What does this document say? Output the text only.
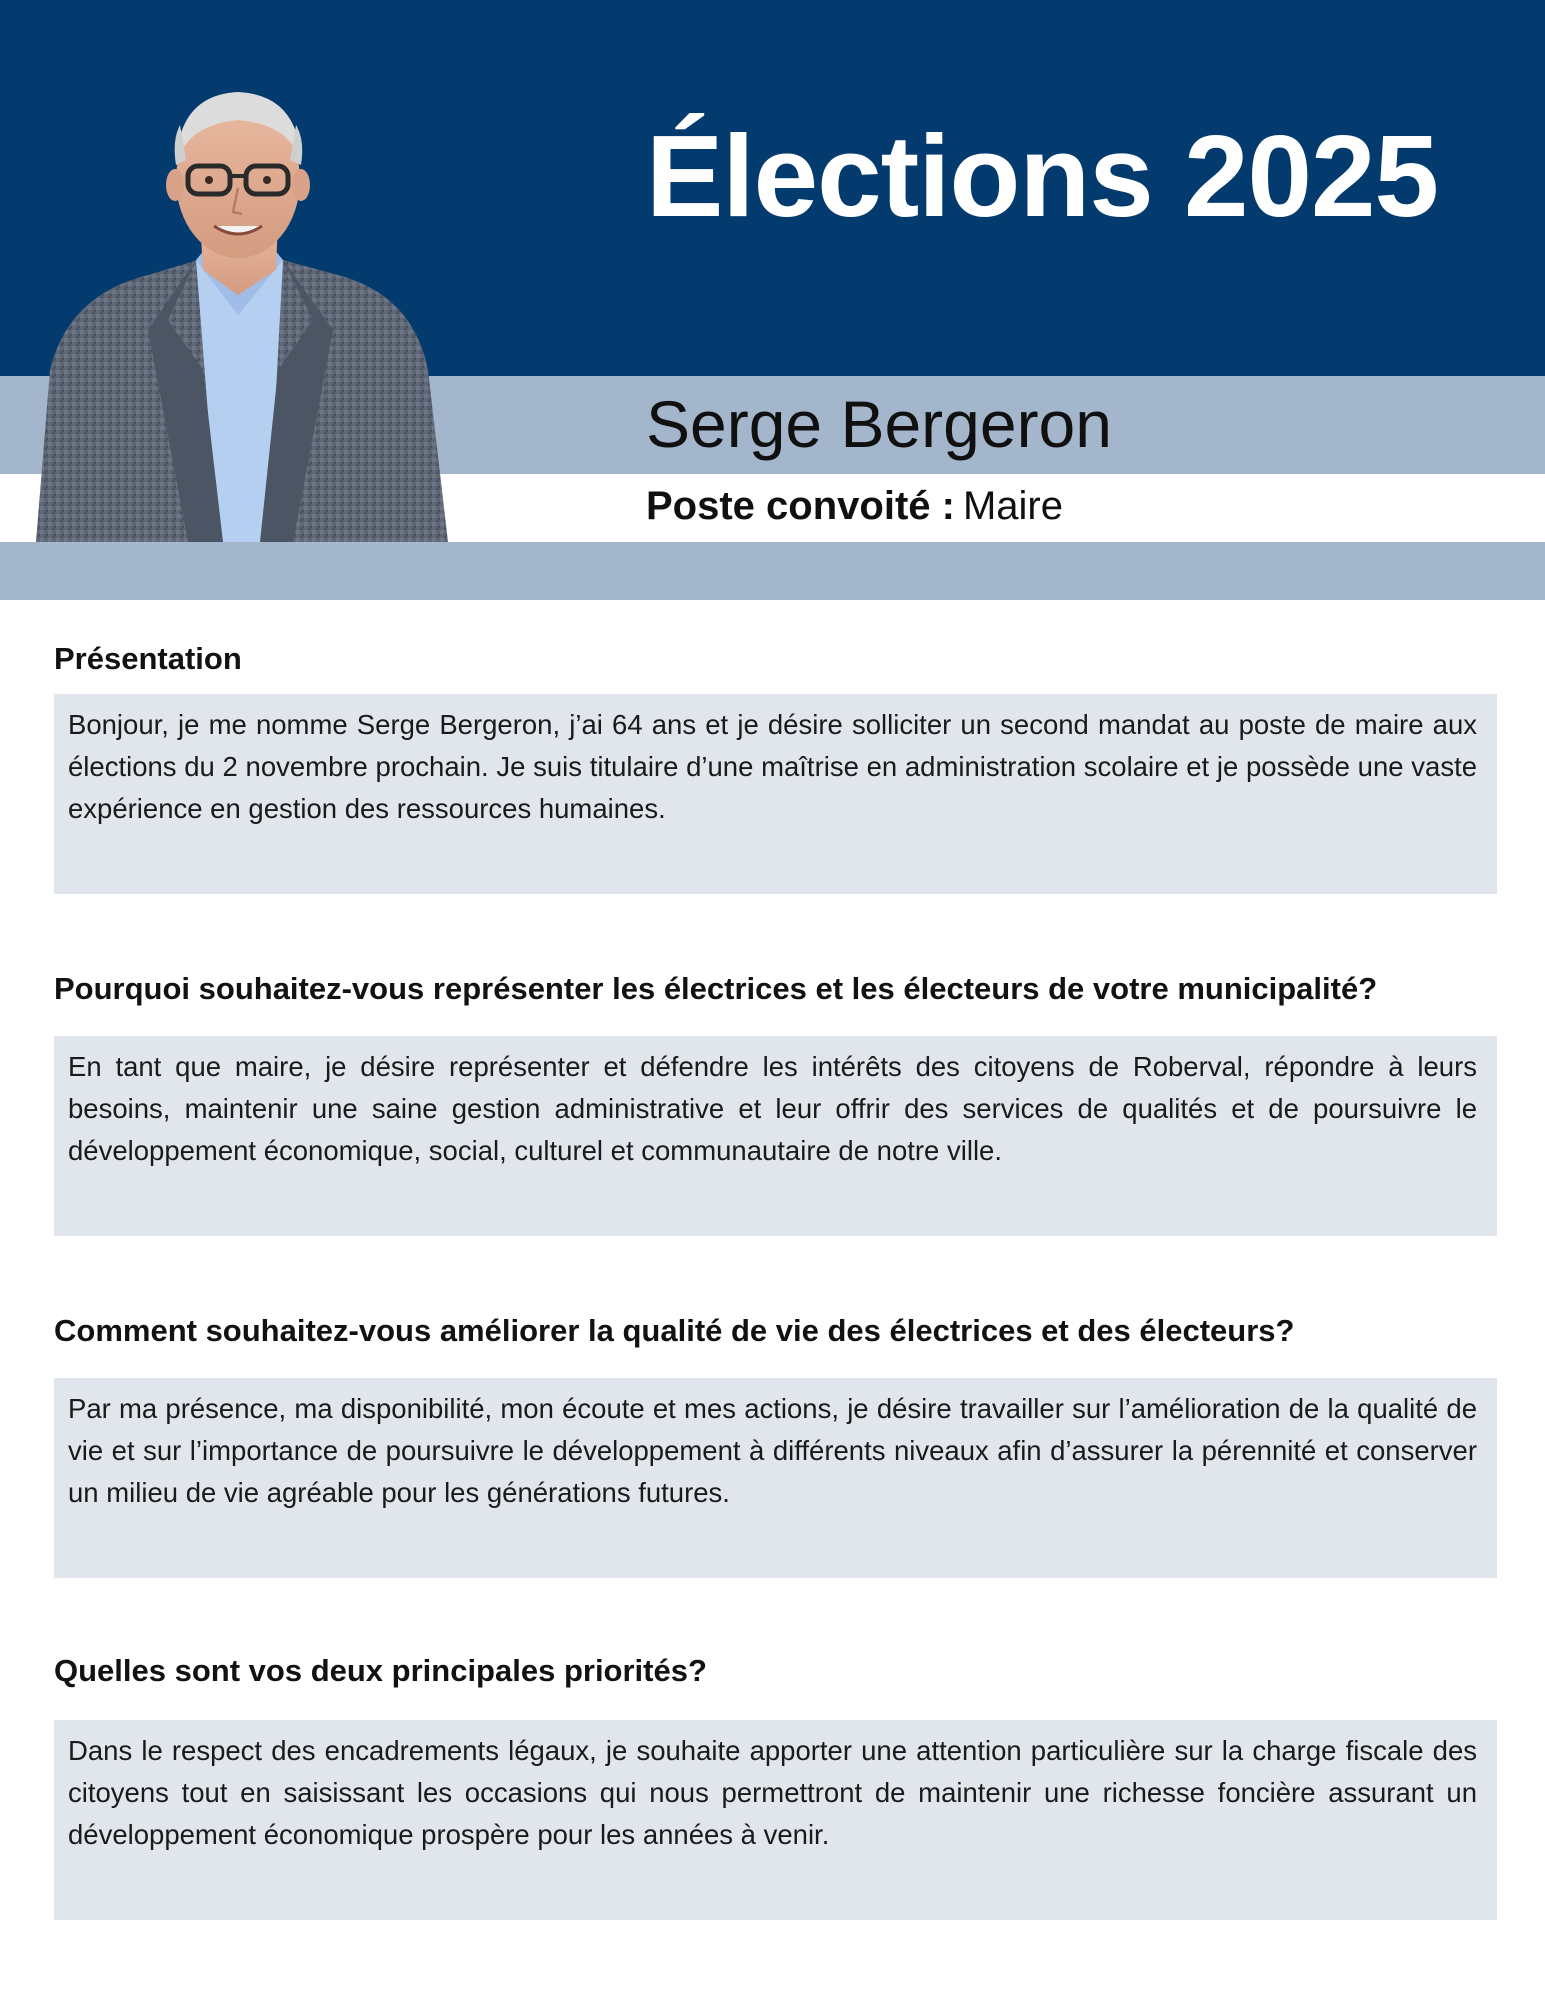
Élections 2025
Serge Bergeron
Poste convoité : Maire
Présentation

Bonjour, je me nomme Serge Bergeron, j’ai 64 ans et je désire solliciter un second mandat au poste de maire aux élections du 2 novembre prochain. Je suis titulaire d’une maîtrise en administration scolaire et je possède une vaste expérience en gestion des ressources humaines.

Pourquoi souhaitez-vous représenter les électrices et les électeurs de votre municipalité?

En tant que maire, je désire représenter et défendre les intérêts des citoyens de Roberval, répondre à leurs besoins, maintenir une saine gestion administrative et leur offrir des services de qualités et de poursuivre le développement économique, social, culturel et communautaire de notre ville.

Comment souhaitez-vous améliorer la qualité de vie des électrices et des électeurs?

Par ma présence, ma disponibilité, mon écoute et mes actions, je désire travailler sur l’amélioration de la qualité de vie et sur l’importance de poursuivre le développement à différents niveaux afin d’assurer la pérennité et conserver un milieu de vie agréable pour les générations futures.

Quelles sont vos deux principales priorités?

Dans le respect des encadrements légaux, je souhaite apporter une attention particulière sur la charge fiscale des citoyens tout en saisissant les occasions qui nous permettront de maintenir une richesse foncière assurant un développement économique prospère pour les années à venir.
